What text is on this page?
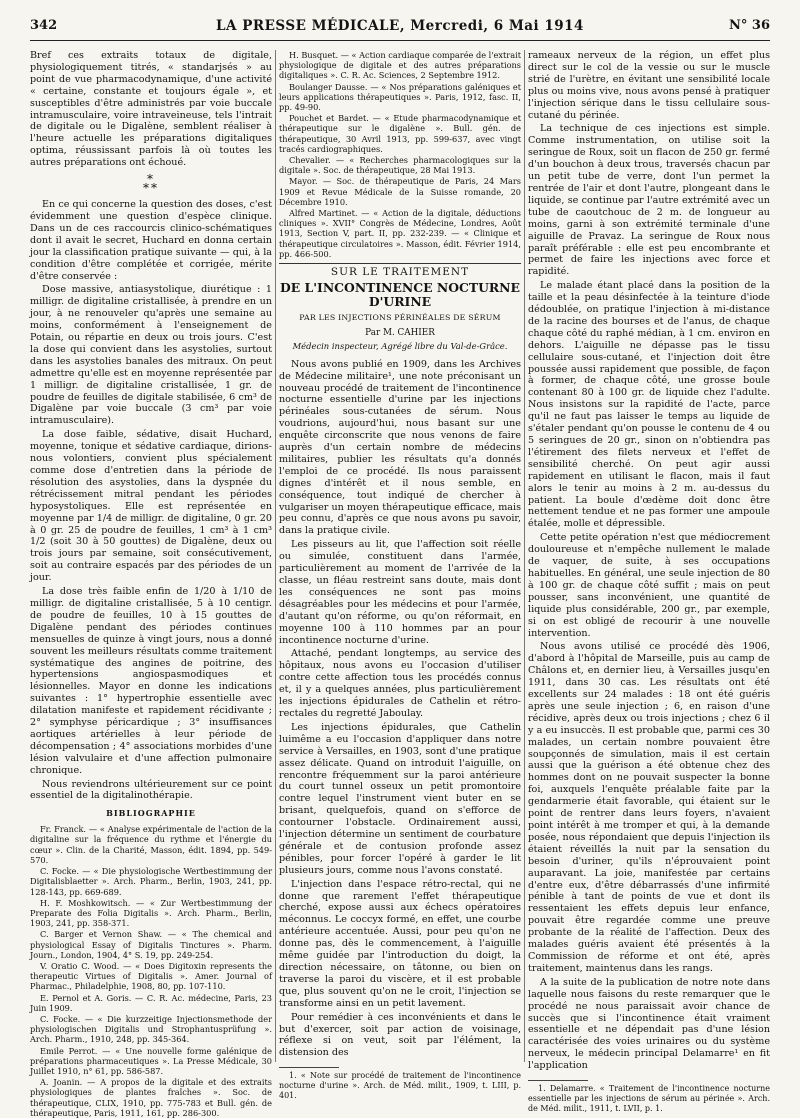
342	LA PRESSE MÉDICALE, Mercredi, 6 Mai 1914	N° 36

Bref ces extraits totaux de digitale, physiologiquement titrés, « standarjsés » au point de vue pharmacodynamique, d'une activité « certaine, constante et toujours égale », et susceptibles d'être administrés par voie buccale intramusculaire, voire intraveineuse, tels l'intrait de digitale ou le Digalène, semblent réaliser à l'heure actuelle les préparations digitaliques optima, réussissant parfois là où toutes les autres préparations ont échoué.

*
**

En ce qui concerne la question des doses, c'est évidemment une question d'espèce clinique. Dans un de ces raccourcis clinico-schématiques dont il avait le secret, Huchard en donna certain jour la classification pratique suivante — qui, à la condition d'être complétée et corrigée, mérite d'être conservée :

Dose massive, antiasystolique, diurétique : 1 milligr. de digitaline cristallisée, à prendre en un jour, à ne renouveler qu'après une semaine au moins, conformément à l'enseignement de Potain, ou répartie en deux ou trois jours. C'est la dose qui convient dans les asystolies, surtout dans les asystolies banales des mitraux. On peut admettre qu'elle est en moyenne représentée par 1 milligr. de digitaline cristallisée, 1 gr. de poudre de feuilles de digitale stabilisée, 6 cm³ de Digalène par voie buccale (3 cm³ par voie intramusculaire).

La dose faible, sédative, disait Huchard, moyenne, tonique et sédative cardiaque, dirions-nous volontiers, convient plus spécialement comme dose d'entretien dans la période de résolution des asystolies, dans la dyspnée du rétrécissement mitral pendant les périodes hyposystoliques. Elle est représentée en moyenne par 1/4 de milligr. de digitaline, 0 gr. 20 à 0 gr. 25 de poudre de feuilles, 1 cm³ à 1 cm³ 1/2 (soit 30 à 50 gouttes) de Digalène, deux ou trois jours par semaine, soit consécutivement, soit au contraire espacés par des périodes de un jour.

La dose très faible enfin de 1/20 à 1/10 de milligr. de digitaline cristallisée, 5 à 10 centigr. de poudre de feuilles, 10 à 15 gouttes de Digalène pendant des périodes continues mensuelles de quinze à vingt jours, nous a donné souvent les meilleurs résultats comme traitement systématique des angines de poitrine, des hypertensions angiospasmodiques et lésionnelles. Mayor en donne les indications suivantes : 1° hypertrophie essentielle avec dilatation manifeste et rapidement récidivante ; 2° symphyse péricardique ; 3° insuffisances aortiques artérielles à leur période de décompensation ; 4° associations morbides d'une lésion valvulaire et d'une affection pulmonaire chronique.

Nous reviendrons ultérieurement sur ce point essentiel de la digitalinothérapie.

BIBLIOGRAPHIE

Fr. Franck. — « Analyse expérimentale de l'action de la digitaline sur la fréquence du rythme et l'énergie du cœur ». Clin. de la Charité, Masson, édit. 1894, pp. 549-570.

C. Focke. — « Die physiologische Wertbestimmung der Digitalisblaetter ». Arch. Pharm., Berlin, 1903, 241, pp. 128-143, pp. 669-689.

H. F. Moshkowitsch. — « Zur Wertbestimmung der Preparate des Folia Digitalis ». Arch. Pharm., Berlin, 1903, 241, pp. 358-371.

C. Barger et Vernon Shaw. — « The chemical and physiological Essay of Digitalis Tinctures ». Pharm. Journ., London, 1904, 4° S. 19, pp. 249-254.

V. Oratio C. Wood. — « Does Digitoxin represents the therapeutic Virtues of Digitalis ». Amer. Journal of Pharmac., Philadelphie, 1908, 80, pp. 107-110.

E. Pernol et A. Goris. — C. R. Ac. médecine, Paris, 23 Juin 1909.

C. Focke. — « Die kurzzeitige Injectionsmethode der physiologischen Digitalis und Strophantusprüfung ». Arch. Pharm., 1910, 248, pp. 345-364.

Emile Perrot. — « Une nouvelle forme galénique de préparations pharmaceutiques ». La Presse Médicale, 30 Juillet 1910, n° 61, pp. 586-587.

A. Joanin. — A propos de la digitale et des extraits physiologiques de plantes fraîches ». Soc. de thérapeutique, CLIX, 1910, pp. 775-783 et Bull. gén. de thérapeutique, Paris, 1911, 161, pp. 286-300.

H. Busquet. — « Action cardiaque comparée de l'extrait physiologique de digitale et des autres préparations digitaliques ». C. R. Ac. Sciences, 2 Septembre 1912.

Boulanger Dausse. — « Nos préparations galéniques et leurs applications thérapeutiques ». Paris, 1912, fasc. II, pp. 49-90.

Pouchet et Bardet. — « Etude pharmacodynamique et thérapeutique sur le digalène ». Bull. gén. de thérapeutique, 30 Avril 1913, pp. 599-637, avec vingt tracés cardiographiques.

Chevalier. — « Recherches pharmacologiques sur la digitale ». Soc. de thérapeutique, 28 Mai 1913.

Mayor. — Soc. de thérapeutique de Paris, 24 Mars 1909 et Revue Médicale de la Suisse romande, 20 Décembre 1910.

Alfred Martinet. — « Action de la digitale, déductions cliniques ». XVII° Congrès de Médecine, Londres, Août 1913, Section V, part. II, pp. 232-239. — « Clinique et thérapeutique circulatoires ». Masson, édit. Février 1914, pp. 466-500.

SUR LE TRAITEMENT
DE L'INCONTINENCE NOCTURNE D'URINE
PAR LES INJECTIONS PÉRINÉALES DE SÉRUM
Par M. CAHIER
Médecin inspecteur, Agrégé libre du Val-de-Grâce.

Nous avons publié en 1909, dans les Archives de Médecine militaire¹, une note préconisant un nouveau procédé de traitement de l'incontinence nocturne essentielle d'urine par les injections périnéales sous-cutanées de sérum. Nous voudrions, aujourd'hui, nous basant sur une enquête circonscrite que nous venons de faire auprès d'un certain nombre de médecins militaires, publier les résultats qu'a donnés l'emploi de ce procédé. Ils nous paraissent dignes d'intérêt et il nous semble, en conséquence, tout indiqué de chercher à vulgariser un moyen thérapeutique efficace, mais peu connu, d'après ce que nous avons pu savoir, dans la pratique civile.

Les pisseurs au lit, que l'affection soit réelle ou simulée, constituent dans l'armée, particulièrement au moment de l'arrivée de la classe, un fléau restreint sans doute, mais dont les conséquences ne sont pas moins désagréables pour les médecins et pour l'armée, d'autant qu'on réforme, ou qu'on réformait, en moyenne 100 à 110 hommes par an pour incontinence nocturne d'urine.

Attaché, pendant longtemps, au service des hôpitaux, nous avons eu l'occasion d'utiliser contre cette affection tous les procédés connus et, il y a quelques années, plus particulièrement les injections épidurales de Cathelin et rétro-rectales du regretté Jaboulay.

Les injections épidurales, que Cathelin luimême a eu l'occasion d'appliquer dans notre service à Versailles, en 1903, sont d'une pratique assez délicate. Quand on introduit l'aiguille, on rencontre fréquemment sur la paroi antérieure du court tunnel osseux un petit promontoire contre lequel l'instrument vient buter en se brisant, quelquefois, quand on s'efforce de contourner l'obstacle. Ordinairement aussi, l'injection détermine un sentiment de courbature générale et de contusion profonde assez pénibles, pour forcer l'opéré à garder le lit plusieurs jours, comme nous l'avons constaté.

L'injection dans l'espace rétro-rectal, qui ne donne que rarement l'effet thérapeutique cherché, expose aussi aux échecs opératoires méconnus. Le coccyx formé, en effet, une courbe antérieure accentuée. Aussi, pour peu qu'on ne donne pas, dès le commencement, à l'aiguille même guidée par l'introduction du doigt, la direction nécessaire, on tâtonne, ou bien on traverse la paroi du viscère, et il est probable que, plus souvent qu'on ne le croit, l'injection se transforme ainsi en un petit lavement.

Pour remédier à ces inconvénients et dans le but d'exercer, soit par action de voisinage, réflexe si on veut, soit par l'élément, la distension des

1. « Note sur procédé de traitement de l'incontinence nocturne d'urine ». Arch. de Méd. milit., 1909, t. LIII, p. 401.

rameaux nerveux de la région, un effet plus direct sur le col de la vessie ou sur le muscle strié de l'urètre, en évitant une sensibilité locale plus ou moins vive, nous avons pensé à pratiquer l'injection sérique dans le tissu cellulaire sous-cutané du périnée.

La technique de ces injections est simple. Comme instrumentation, on utilise soit la seringue de Roux, soit un flacon de 250 gr. fermé d'un bouchon à deux trous, traversés chacun par un petit tube de verre, dont l'un permet la rentrée de l'air et dont l'autre, plongeant dans le liquide, se continue par l'autre extrémité avec un tube de caoutchouc de 2 m. de longueur au moins, garni à son extrémité terminale d'une aiguille de Pravaz. La seringue de Roux nous paraît préférable : elle est peu encombrante et permet de faire les injections avec force et rapidité.

Le malade étant placé dans la position de la taille et la peau désinfectée à la teinture d'iode dédoublée, on pratique l'injection à mi-distance de la racine des bourses et de l'anus, de chaque chaque côté du raphé médian, à 1 cm. environ en dehors. L'aiguille ne dépasse pas le tissu cellulaire sous-cutané, et l'injection doit être poussée aussi rapidement que possible, de façon à former, de chaque côté, une grosse boule contenant 80 à 100 gr. de liquide chez l'adulte. Nous insistons sur la rapidité de l'acte, parce qu'il ne faut pas laisser le temps au liquide de s'étaler pendant qu'on pousse le contenu de 4 ou 5 seringues de 20 gr., sinon on n'obtiendra pas l'étirement des filets nerveux et l'effet de sensibilité cherché. On peut agir aussi rapidement en utilisant le flacon, mais il faut alors le tenir au moins à 2 m. au-dessus du patient. La boule d'œdème doit donc être nettement tendue et ne pas former une ampoule étalée, molle et dépressible.

Cette petite opération n'est que médiocrement douloureuse et n'empêche nullement le malade de vaquer, de suite, à ses occupations habituelles. En général, une seule injection de 80 à 100 gr. de chaque côté suffit ; mais on peut pousser, sans inconvénient, une quantité de liquide plus considérable, 200 gr., par exemple, si on est obligé de recourir à une nouvelle intervention.

Nous avons utilisé ce procédé dès 1906, d'abord à l'hôpital de Marseille, puis au camp de Châlons et, en dernier lieu, à Versailles jusqu'en 1911, dans 30 cas. Les résultats ont été excellents sur 24 malades : 18 ont été guéris après une seule injection ; 6, en raison d'une récidive, après deux ou trois injections ; chez 6 il y a eu insuccès. Il est probable que, parmi ces 30 malades, un certain nombre pouvaient être soupçonnés de simulation, mais il est certain aussi que la guérison a été obtenue chez des hommes dont on ne pouvait suspecter la bonne foi, auxquels l'enquête préalable faite par la gendarmerie était favorable, qui étaient sur le point de rentrer dans leurs foyers, n'avaient point intérêt à me tromper et qui, à la demande posée, nous répondaient que depuis l'injection ils étaient réveillés la nuit par la sensation du besoin d'uriner, qu'ils n'éprouvaient point auparavant. La joie, manifestée par certains d'entre eux, d'être débarrassés d'une infirmité pénible à tant de points de vue et dont ils ressentaient les effets depuis leur enfance, pouvait être regardée comme une preuve probante de la réalité de l'affection. Deux des malades guéris avaient été présentés à la Commission de réforme et ont été, après traitement, maintenus dans les rangs.

A la suite de la publication de notre note dans laquelle nous faisons du reste remarquer que le procédé ne nous paraissait avoir chance de succès que si l'incontinence était vraiment essentielle et ne dépendait pas d'une lésion caractérisée des voies urinaires ou du système nerveux, le médecin principal Delamarre¹ en fit l'application

1. Delamarre. « Traitement de l'incontinence nocturne essentielle par les injections de sérum au périnée ». Arch. de Méd. milit., 1911, t. LVII, p. 1.
